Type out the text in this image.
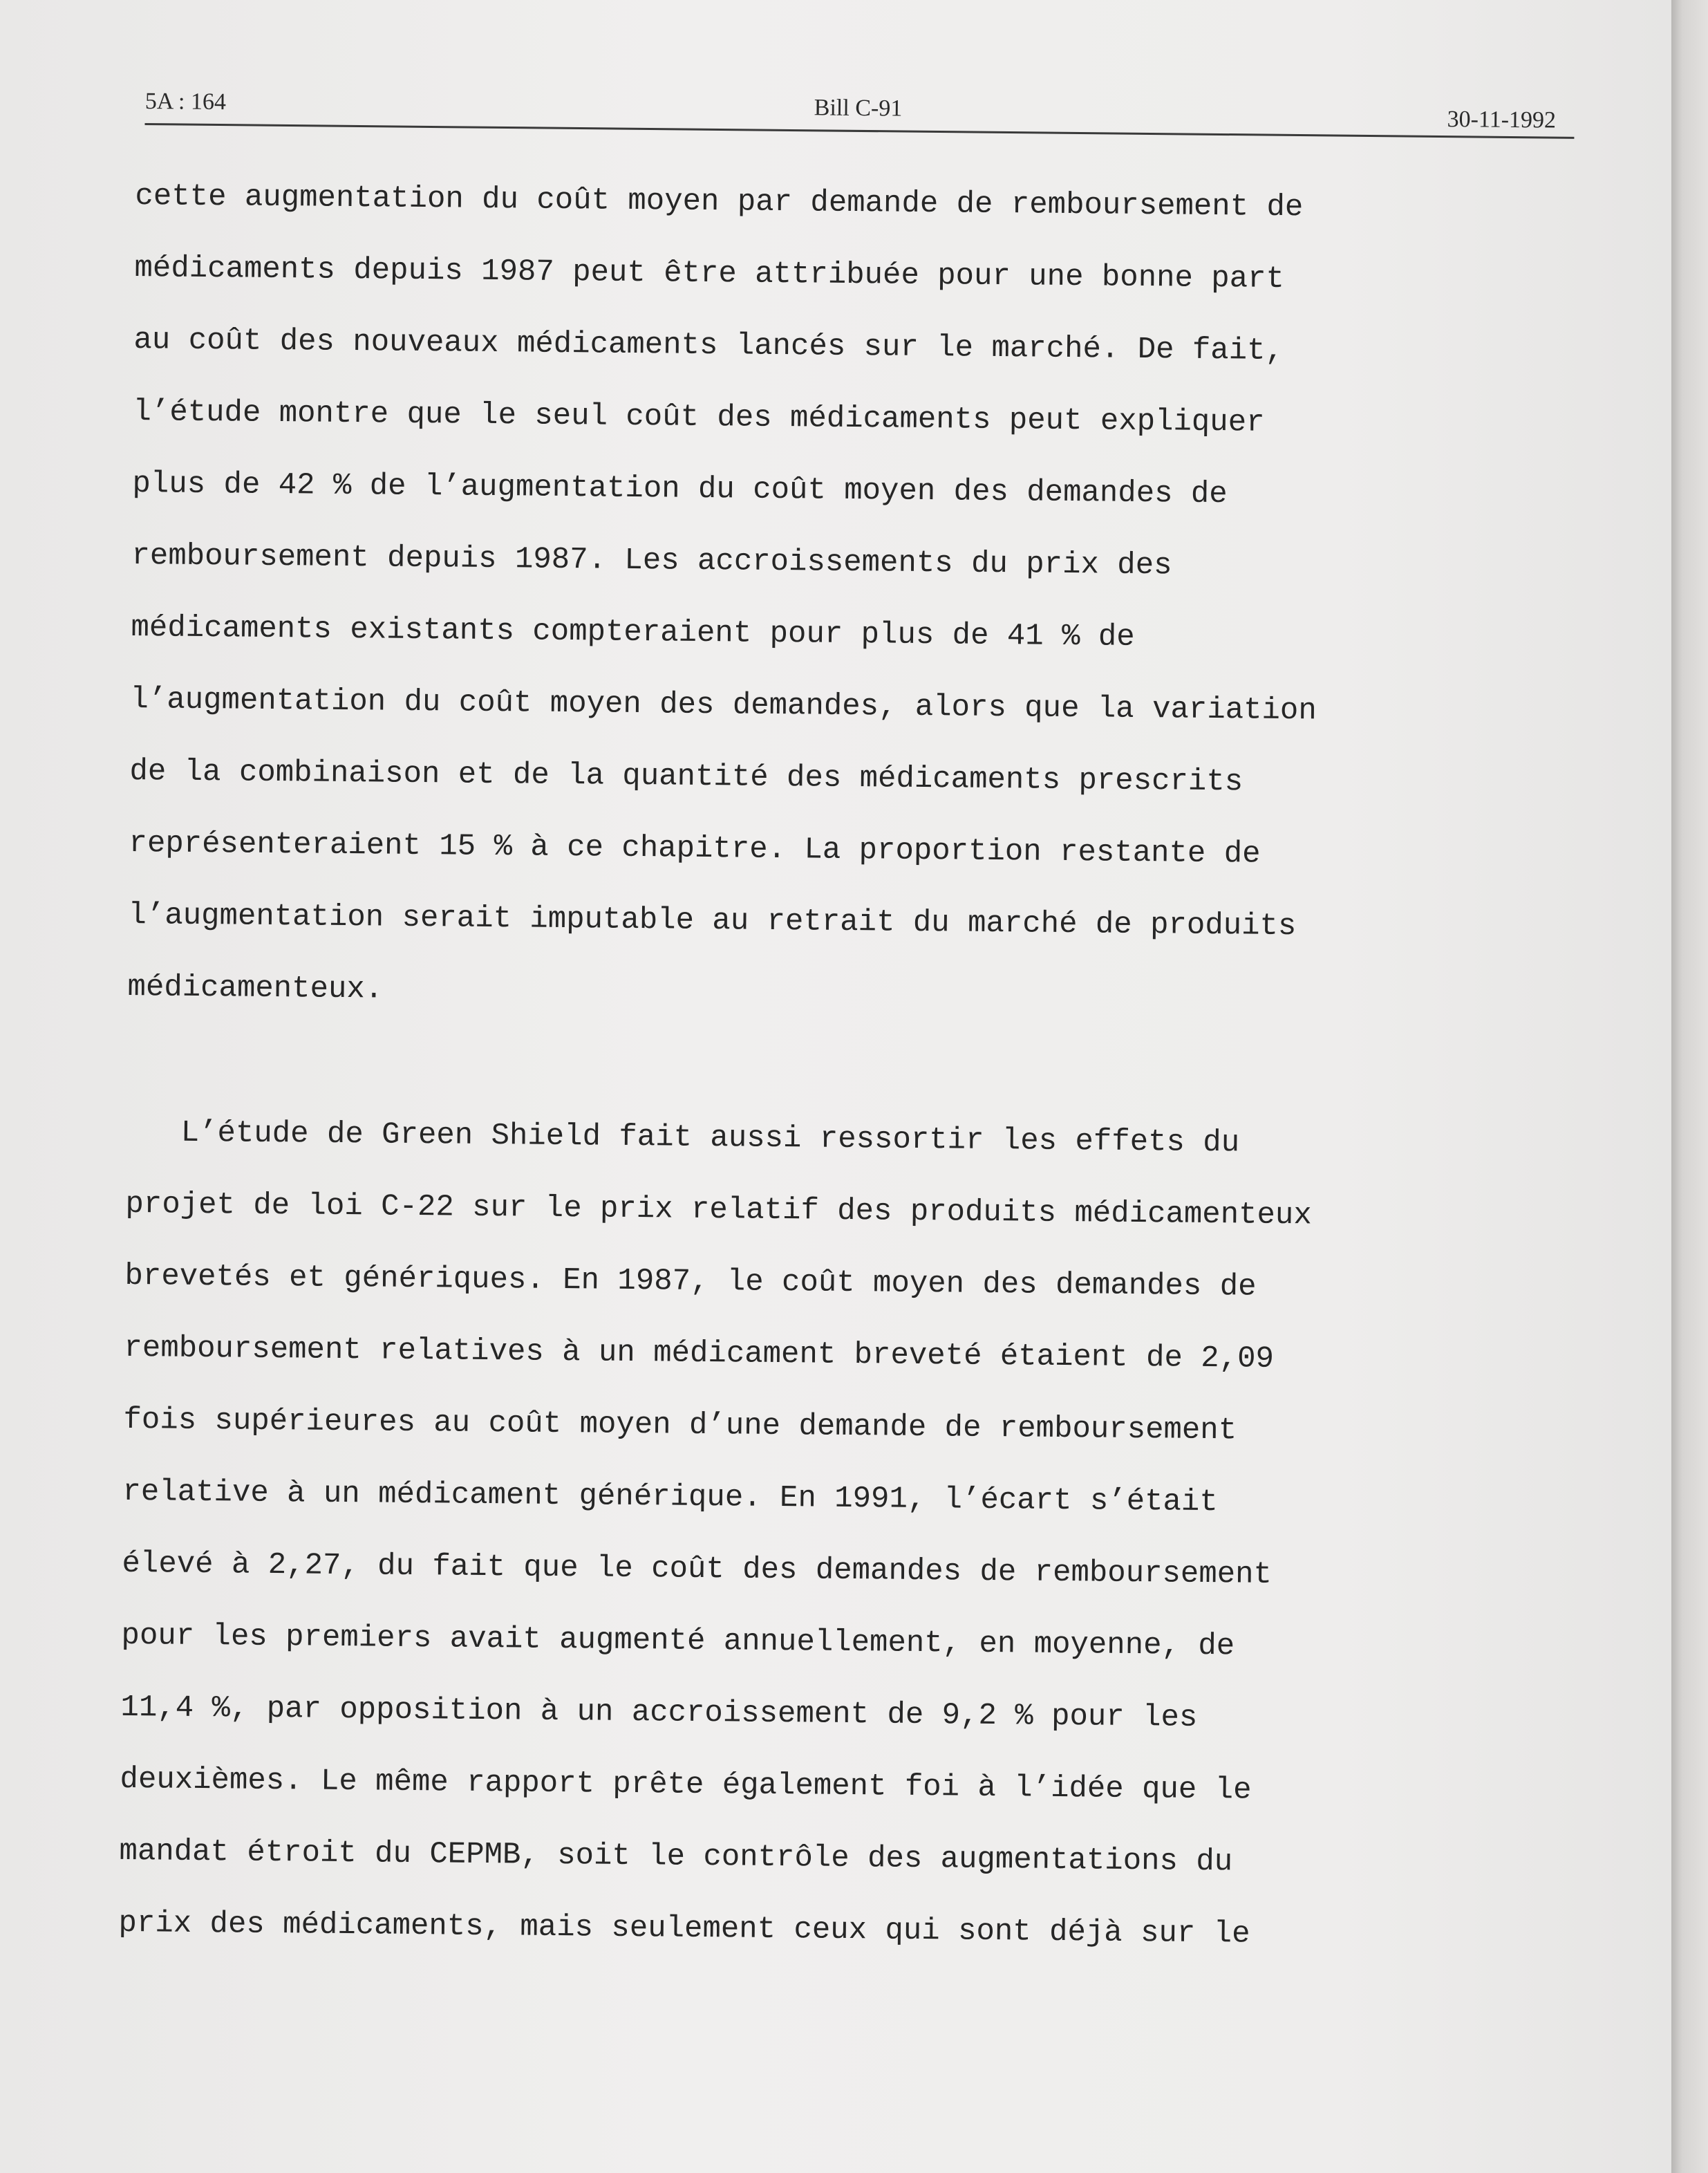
5A : 164	Bill C-91	30-11-1992
cette augmentation du coût moyen par demande de remboursement de
médicaments depuis 1987 peut être attribuée pour une bonne part
au coût des nouveaux médicaments lancés sur le marché. De fait,
l’étude montre que le seul coût des médicaments peut expliquer
plus de 42 % de l’augmentation du coût moyen des demandes de
remboursement depuis 1987. Les accroissements du prix des
médicaments existants compteraient pour plus de 41 % de
l’augmentation du coût moyen des demandes, alors que la variation
de la combinaison et de la quantité des médicaments prescrits
représenteraient 15 % à ce chapitre. La proportion restante de
l’augmentation serait imputable au retrait du marché de produits
médicamenteux.
L’étude de Green Shield fait aussi ressortir les effets du
projet de loi C-22 sur le prix relatif des produits médicamenteux
brevetés et génériques. En 1987, le coût moyen des demandes de
remboursement relatives à un médicament breveté étaient de 2,09
fois supérieures au coût moyen d’une demande de remboursement
relative à un médicament générique. En 1991, l’écart s’était
élevé à 2,27, du fait que le coût des demandes de remboursement
pour les premiers avait augmenté annuellement, en moyenne, de
11,4 %, par opposition à un accroissement de 9,2 % pour les
deuxièmes. Le même rapport prête également foi à l’idée que le
mandat étroit du CEPMB, soit le contrôle des augmentations du
prix des médicaments, mais seulement ceux qui sont déjà sur le
